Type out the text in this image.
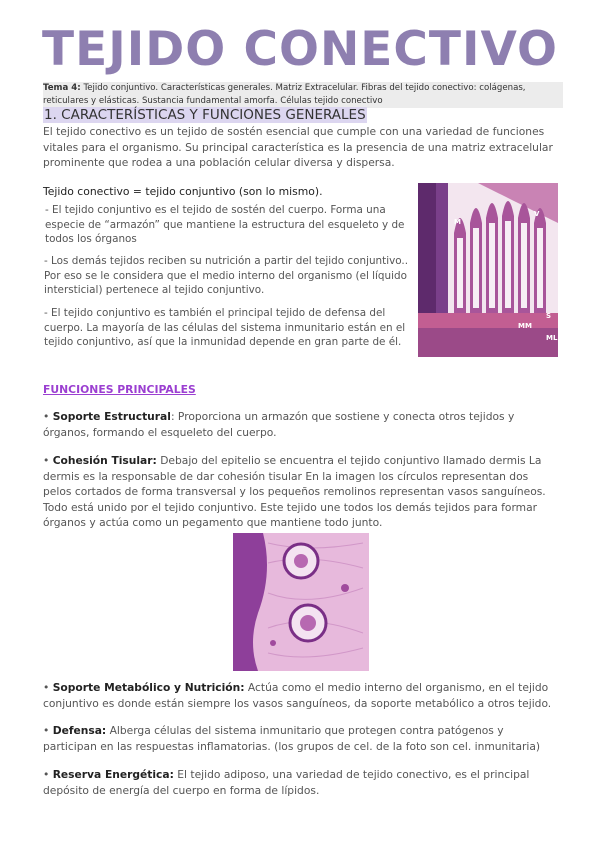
TEJIDO CONECTIVO
Tema 4: Tejido conjuntivo. Características generales. Matriz Extracelular. Fibras del tejido conectivo: colágenas, reticulares y elásticas. Sustancia fundamental amorfa. Células tejido conectivo
1. CARACTERÍSTICAS Y FUNCIONES GENERALES
El tejido conectivo es un tejido de sostén esencial que cumple con una variedad de funciones vitales para el organismo. Su principal característica es la presencia de una matriz extracelular prominente que rodea a una población celular diversa y dispersa.
Tejido conectivo = tejido conjuntivo (son lo mismo).
- El tejido conjuntivo es el tejido de sostén del cuerpo. Forma una especie de “armazón” que mantiene la estructura del esqueleto y de todos los órganos
- Los demás tejidos reciben su nutrición a partir del tejido conjuntivo.. Por eso se le considera que el medio interno del organismo (el líquido intersticial) pertenece al tejido conjuntivo.
- El tejido conjuntivo es también el principal tejido de defensa del cuerpo. La mayoría de las células del sistema inmunitario están en el tejido conjuntivo, así que la inmunidad depende en gran parte de él.
M
V
MM
S
ML
FUNCIONES PRINCIPALES
• Soporte Estructural: Proporciona un armazón que sostiene y conecta otros tejidos y órganos, formando el esqueleto del cuerpo.
• Cohesión Tisular: Debajo del epitelio se encuentra el tejido conjuntivo llamado dermis La dermis es la responsable de dar cohesión tisular En la imagen los círculos representan dos pelos cortados de forma transversal y los pequeños remolinos representan vasos sanguíneos. Todo está unido por el tejido conjuntivo. Este tejido une todos los demás tejidos para formar órganos y actúa como un pegamento que mantiene todo junto.
• Soporte Metabólico y Nutrición: Actúa como el medio interno del organismo, en el tejido conjuntivo es donde están siempre los vasos sanguíneos, da soporte metabólico a otros tejido.
• Defensa: Alberga células del sistema inmunitario que protegen contra patógenos y participan en las respuestas inflamatorias. (los grupos de cel. de la foto son cel. inmunitaria)
• Reserva Energética: El tejido adiposo, una variedad de tejido conectivo, es el principal depósito de energía del cuerpo en forma de lípidos.
